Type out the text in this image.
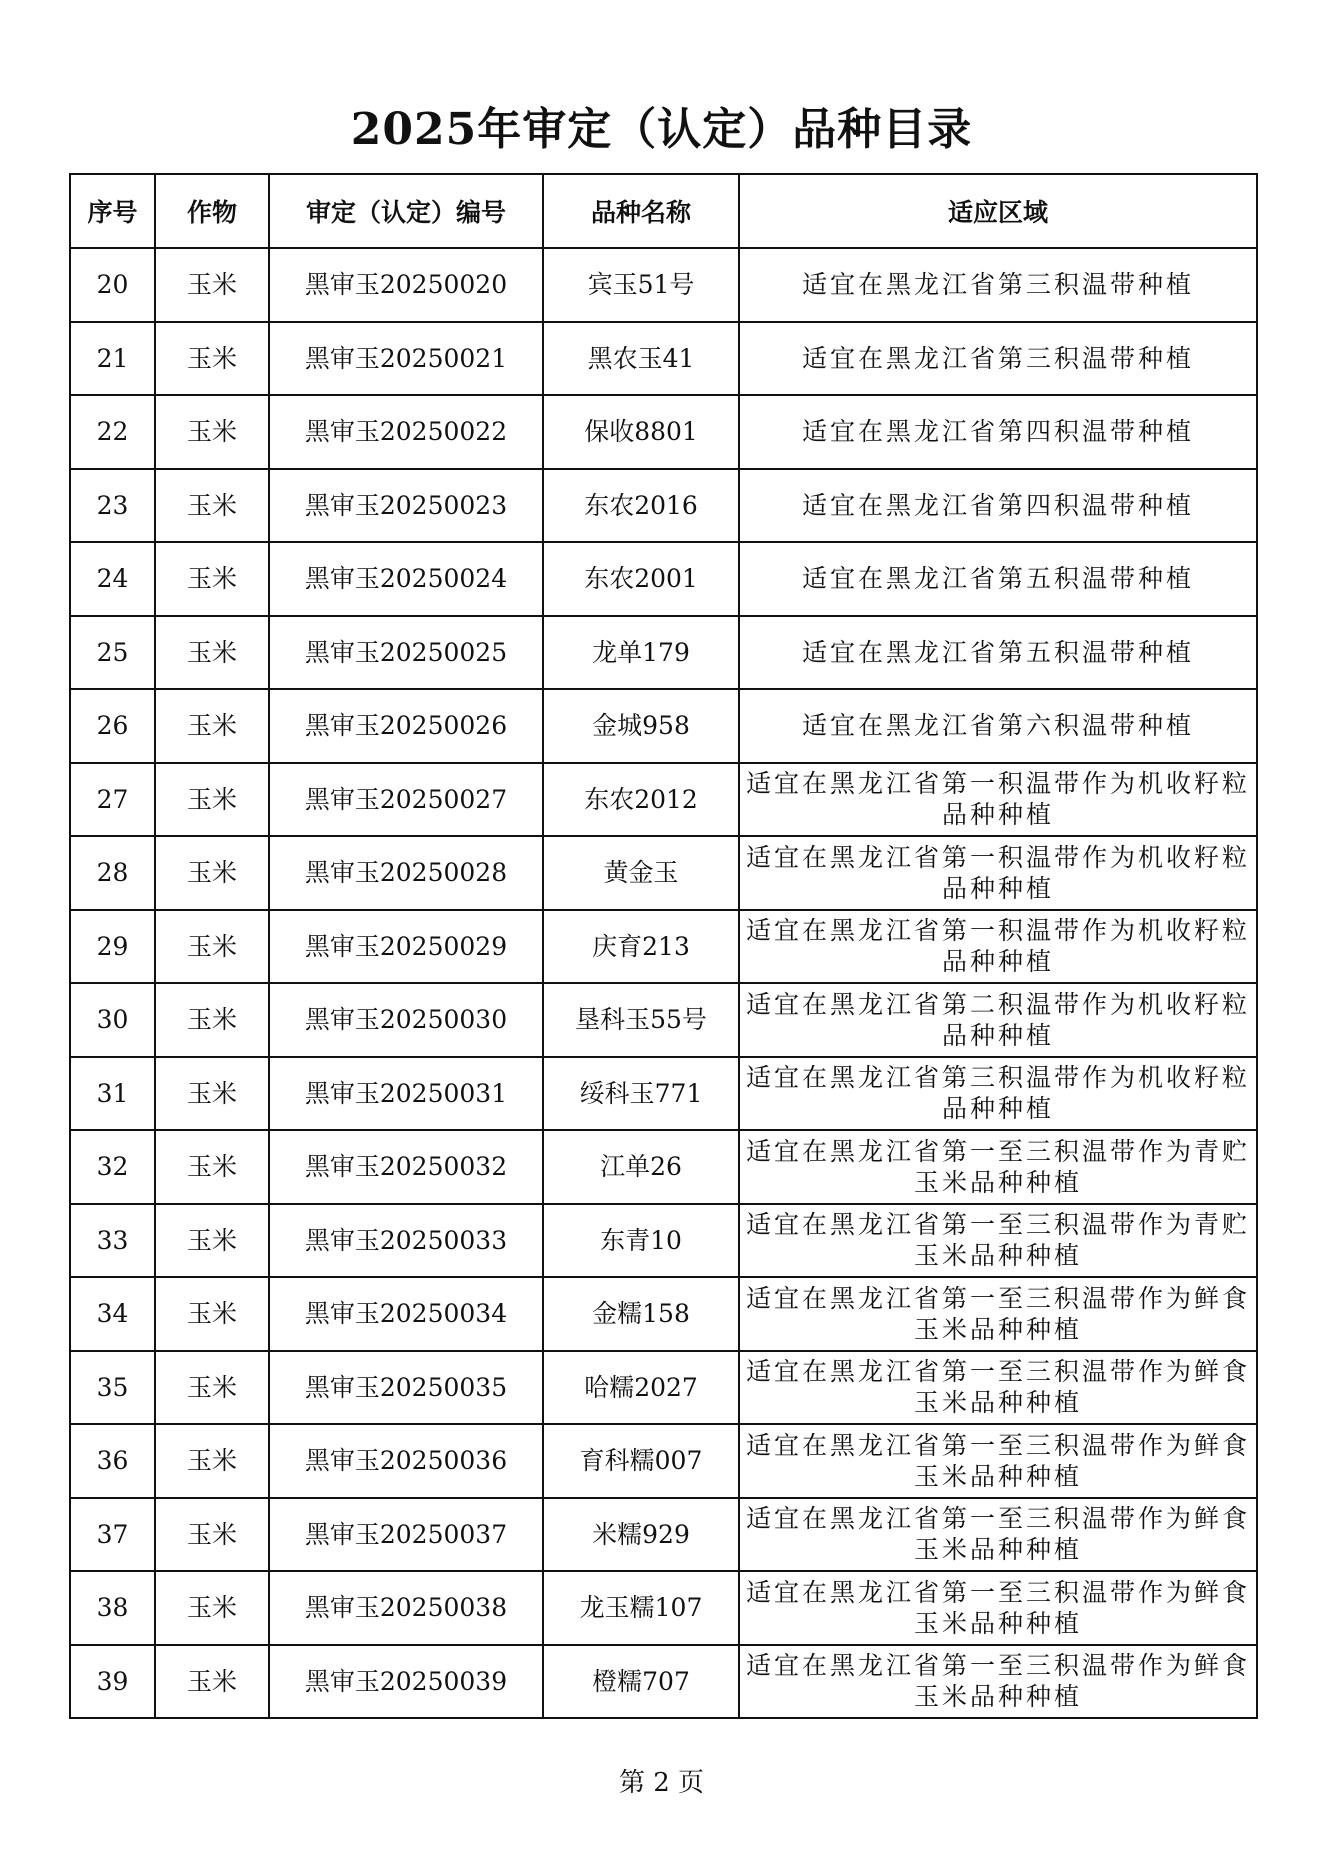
2025年审定（认定）品种目录
序号	作物	审定（认定）编号	品种名称	适应区域
20	玉米	黑审玉20250020	宾玉51号	适宜在黑龙江省第三积温带种植
21	玉米	黑审玉20250021	黑农玉41	适宜在黑龙江省第三积温带种植
22	玉米	黑审玉20250022	保收8801	适宜在黑龙江省第四积温带种植
23	玉米	黑审玉20250023	东农2016	适宜在黑龙江省第四积温带种植
24	玉米	黑审玉20250024	东农2001	适宜在黑龙江省第五积温带种植
25	玉米	黑审玉20250025	龙单179	适宜在黑龙江省第五积温带种植
26	玉米	黑审玉20250026	金城958	适宜在黑龙江省第六积温带种植
27	玉米	黑审玉20250027	东农2012	适宜在黑龙江省第一积温带作为机收籽粒品种种植
28	玉米	黑审玉20250028	黄金玉	适宜在黑龙江省第一积温带作为机收籽粒品种种植
29	玉米	黑审玉20250029	庆育213	适宜在黑龙江省第一积温带作为机收籽粒品种种植
30	玉米	黑审玉20250030	垦科玉55号	适宜在黑龙江省第二积温带作为机收籽粒品种种植
31	玉米	黑审玉20250031	绥科玉771	适宜在黑龙江省第三积温带作为机收籽粒品种种植
32	玉米	黑审玉20250032	江单26	适宜在黑龙江省第一至三积温带作为青贮玉米品种种植
33	玉米	黑审玉20250033	东青10	适宜在黑龙江省第一至三积温带作为青贮玉米品种种植
34	玉米	黑审玉20250034	金糯158	适宜在黑龙江省第一至三积温带作为鲜食玉米品种种植
35	玉米	黑审玉20250035	哈糯2027	适宜在黑龙江省第一至三积温带作为鲜食玉米品种种植
36	玉米	黑审玉20250036	育科糯007	适宜在黑龙江省第一至三积温带作为鲜食玉米品种种植
37	玉米	黑审玉20250037	米糯929	适宜在黑龙江省第一至三积温带作为鲜食玉米品种种植
38	玉米	黑审玉20250038	龙玉糯107	适宜在黑龙江省第一至三积温带作为鲜食玉米品种种植
39	玉米	黑审玉20250039	橙糯707	适宜在黑龙江省第一至三积温带作为鲜食玉米品种种植
第 2 页
